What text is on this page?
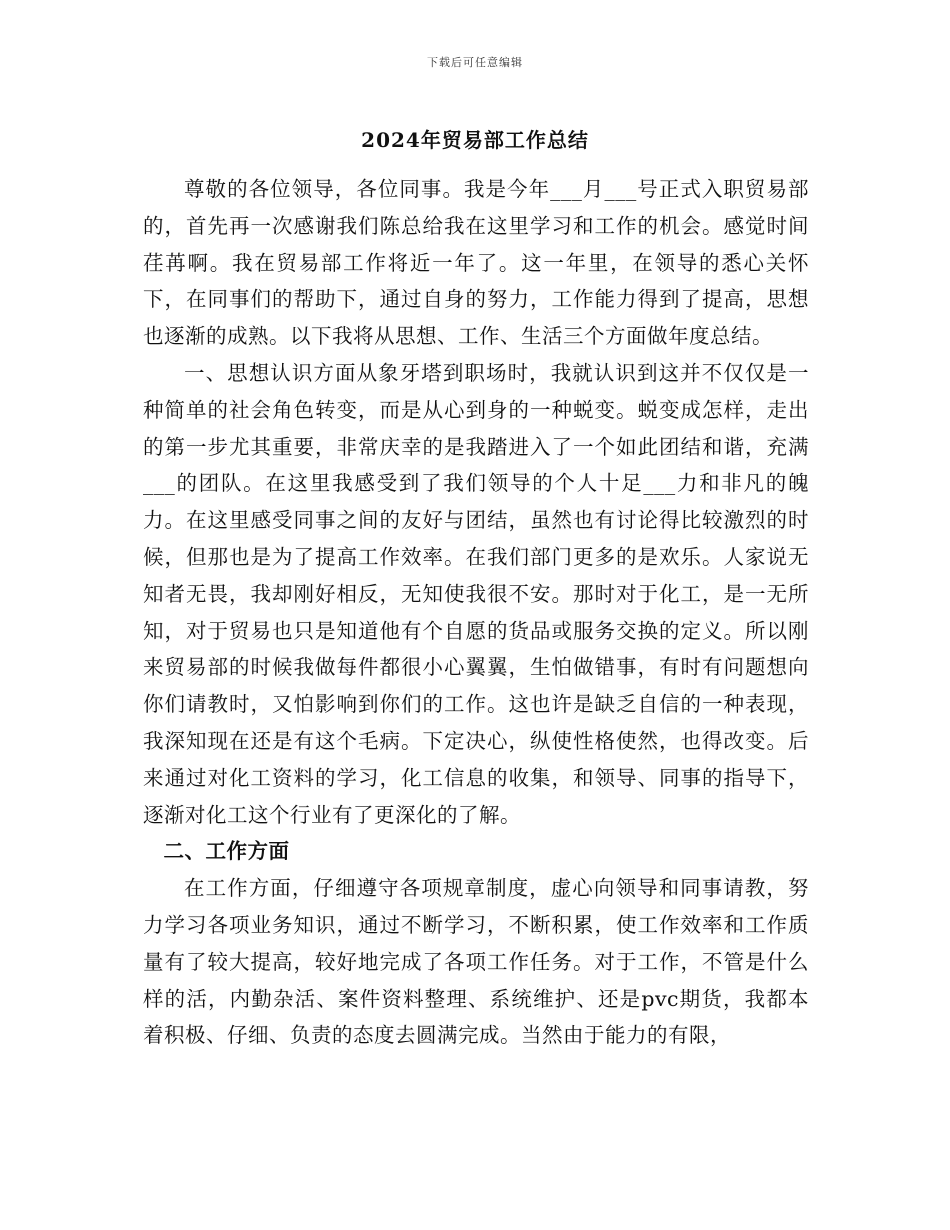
下载后可任意编辑
2024年贸易部工作总结

尊敬的各位领导，各位同事。我是今年___月___号正式入职贸易部的，首先再一次感谢我们陈总给我在这里学习和工作的机会。感觉时间荏苒啊。我在贸易部工作将近一年了。这一年里，在领导的悉心关怀下，在同事们的帮助下，通过自身的努力，工作能力得到了提高，思想也逐渐的成熟。以下我将从思想、工作、生活三个方面做年度总结。

一、思想认识方面从象牙塔到职场时，我就认识到这并不仅仅是一种简单的社会角色转变，而是从心到身的一种蜕变。蜕变成怎样，走出的第一步尤其重要，非常庆幸的是我踏进入了一个如此团结和谐，充满___的团队。在这里我感受到了我们领导的个人十足___力和非凡的魄力。在这里感受同事之间的友好与团结，虽然也有讨论得比较激烈的时候，但那也是为了提高工作效率。在我们部门更多的是欢乐。人家说无知者无畏，我却刚好相反，无知使我很不安。那时对于化工，是一无所知，对于贸易也只是知道他有个自愿的货品或服务交换的定义。所以刚来贸易部的时候我做每件都很小心翼翼，生怕做错事，有时有问题想向你们请教时，又怕影响到你们的工作。这也许是缺乏自信的一种表现，我深知现在还是有这个毛病。下定决心，纵使性格使然，也得改变。后来通过对化工资料的学习，化工信息的收集，和领导、同事的指导下，逐渐对化工这个行业有了更深化的了解。

二、工作方面

在工作方面，仔细遵守各项规章制度，虚心向领导和同事请教，努力学习各项业务知识，通过不断学习，不断积累，使工作效率和工作质量有了较大提高，较好地完成了各项工作任务。对于工作，不管是什么样的活，内勤杂活、案件资料整理、系统维护、还是pvc期货，我都本着积极、仔细、负责的态度去圆满完成。当然由于能力的有限，
